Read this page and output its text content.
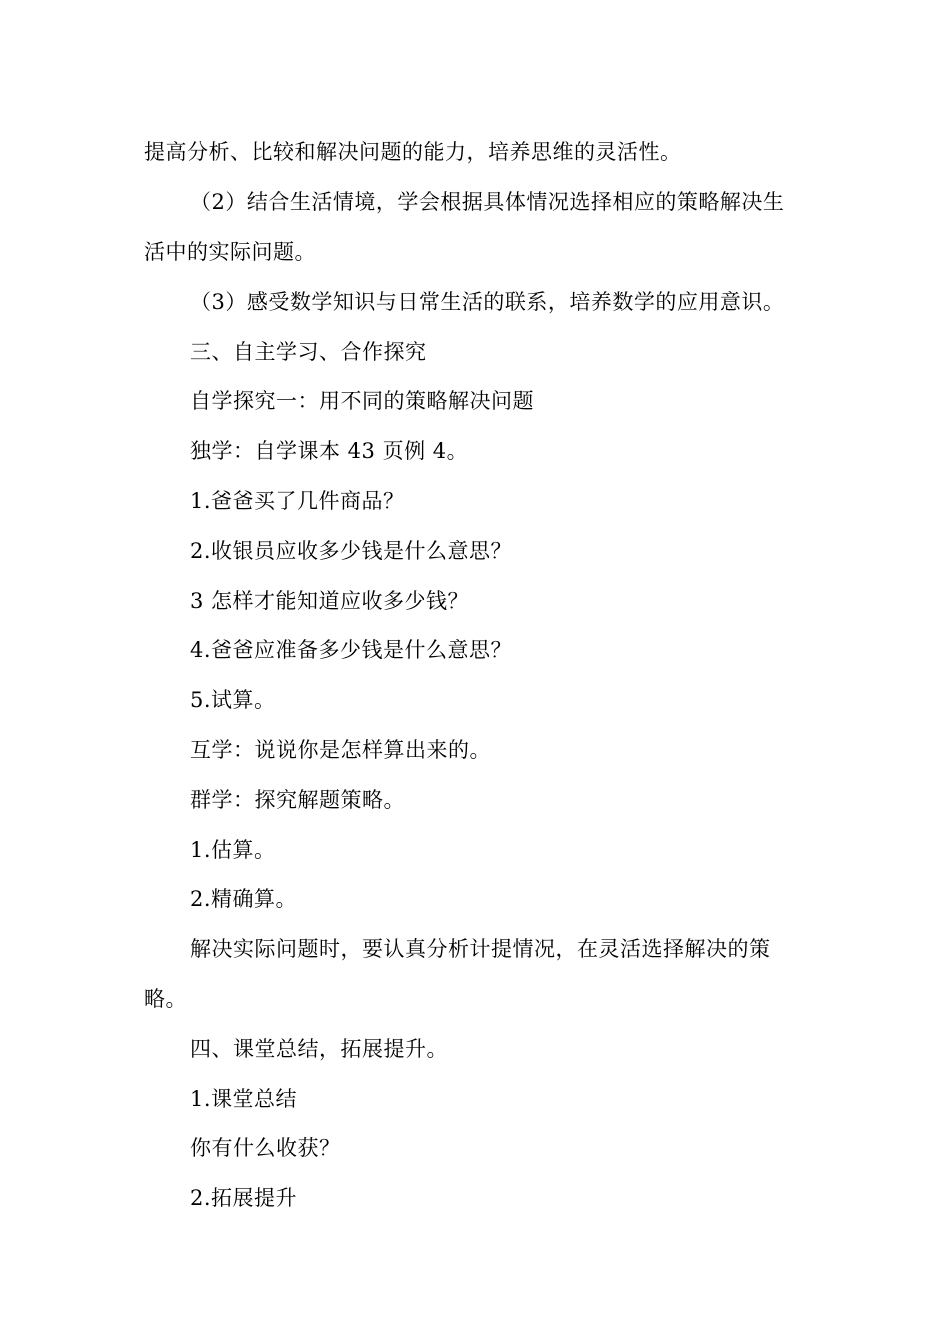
提高分析、比较和解决问题的能力，培养思维的灵活性。
（2）结合生活情境，学会根据具体情况选择相应的策略解决生
活中的实际问题。
（3）感受数学知识与日常生活的联系，培养数学的应用意识。
三、自主学习、合作探究
自学探究一：用不同的策略解决问题
独学：自学课本 43 页例 4。
1.爸爸买了几件商品？
2.收银员应收多少钱是什么意思？
3 怎样才能知道应收多少钱？
4.爸爸应准备多少钱是什么意思？
5.试算。
互学：说说你是怎样算出来的。
群学：探究解题策略。
1.估算。
2.精确算。
解决实际问题时，要认真分析计提情况，在灵活选择解决的策
略。
四、课堂总结，拓展提升。
1.课堂总结
你有什么收获？
2.拓展提升
